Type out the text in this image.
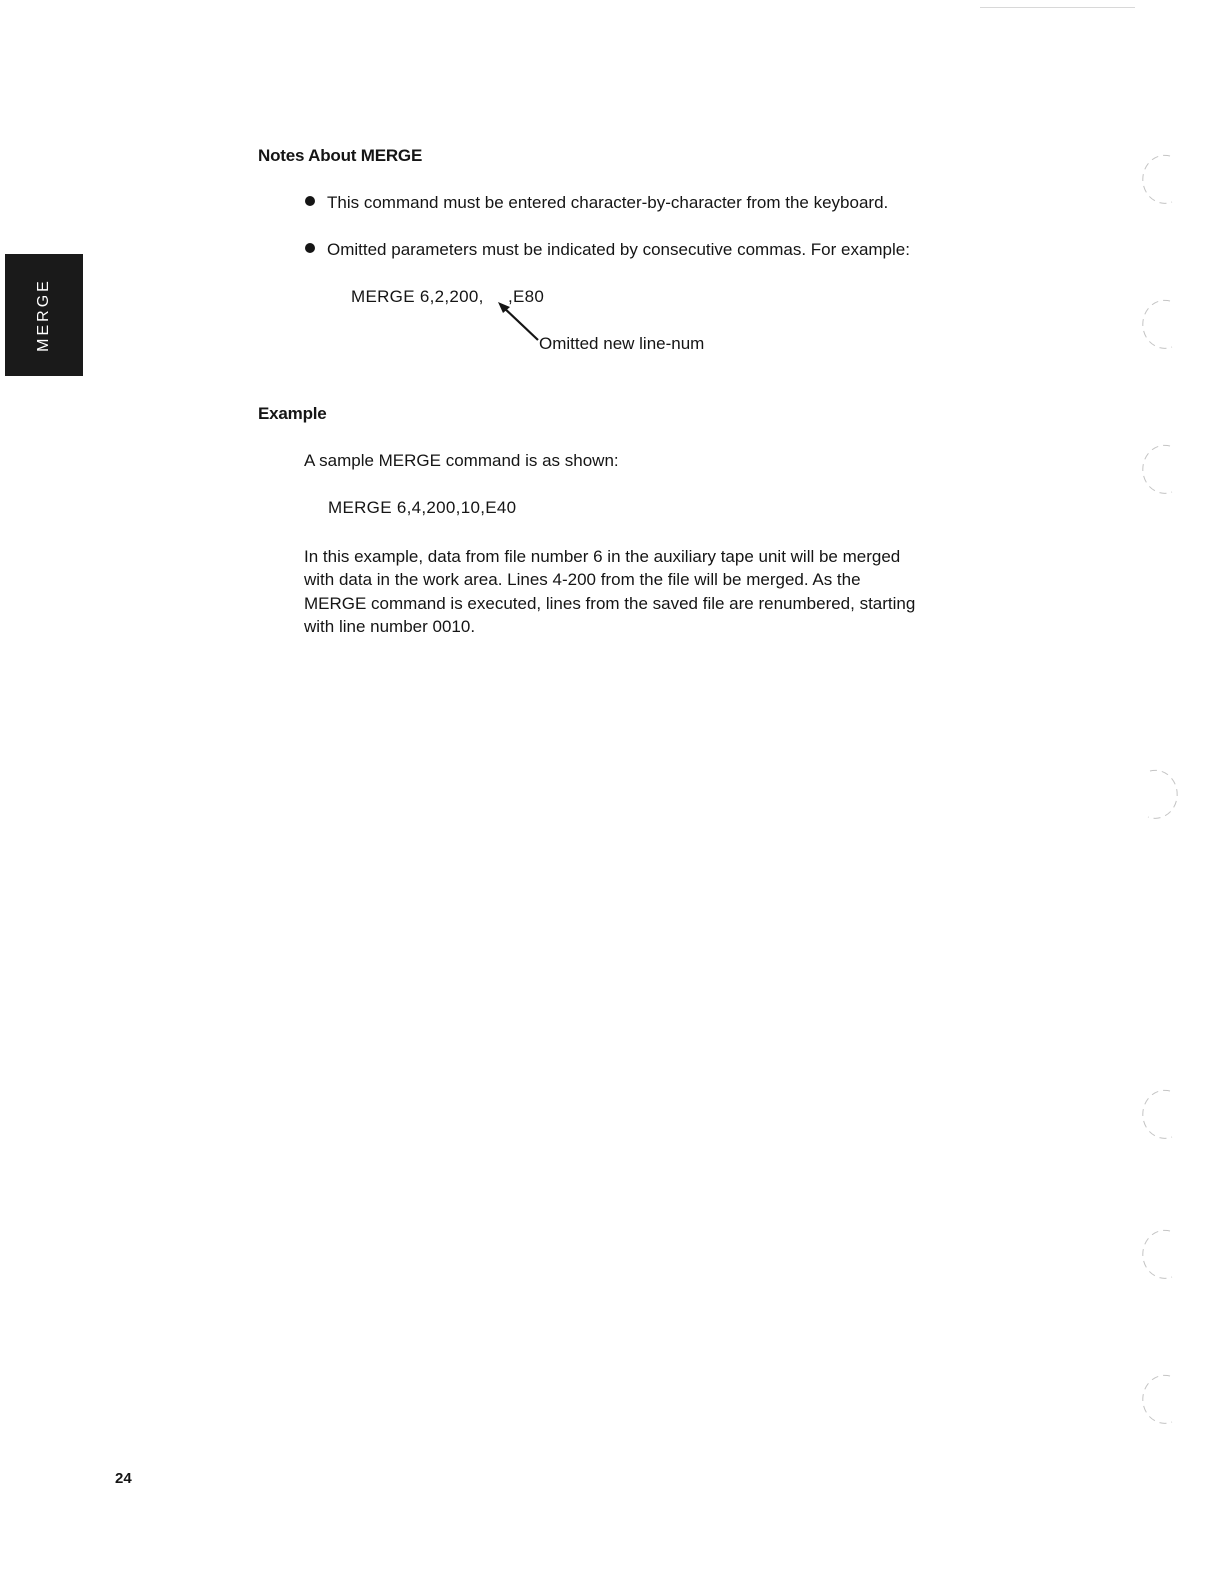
MERGE
Notes About MERGE
This command must be entered character-by-character from the keyboard.
Omitted parameters must be indicated by consecutive commas. For example:
MERGE 6,2,200, ,E80
Omitted new line-num
Example
A sample MERGE command is as shown:
MERGE 6,4,200,10,E40
In this example, data from file number 6 in the auxiliary tape unit will be merged
with data in the work area. Lines 4-200 from the file will be merged. As the
MERGE command is executed, lines from the saved file are renumbered, starting
with line number 0010.
24
